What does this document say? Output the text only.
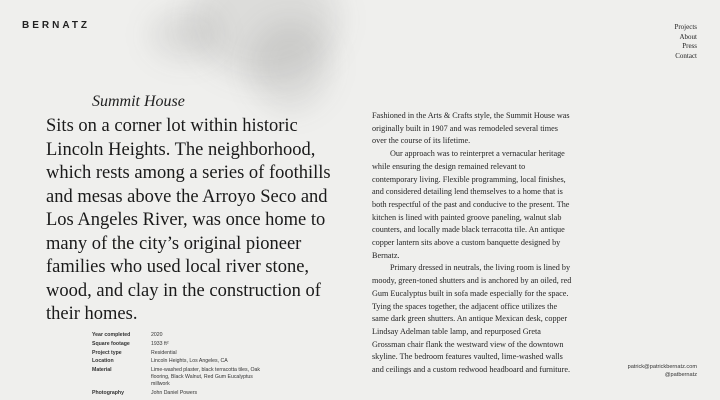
BERNATZ	Projects
About
Press
Contact
Summit House

Sits on a corner lot within historic Lincoln Heights. The neighborhood, which rests among a series of foothills and mesas above the Arroyo Seco and Los Angeles River, was once home to many of the city’s original pioneer families who used local river stone, wood, and clay in the construction of their homes.

Year completed	2020
Square footage	1933 ft²
Project type	Residential
Location	Lincoln Heights, Los Angeles, CA
Material	Lime-washed plaster, black terracotta tiles, Oak flooring, Black Walnut, Red Gum Eucalyptus millwork
Photography	John Daniel Powers

Fashioned in the Arts & Crafts style, the Summit House was originally built in 1907 and was remodeled several times over the course of its lifetime.

Our approach was to reinterpret a vernacular heritage while ensuring the design remained relevant to contemporary living. Flexible programming, local finishes, and considered detailing lend themselves to a home that is both respectful of the past and conducive to the present. The kitchen is lined with painted groove paneling, walnut slab counters, and locally made black terracotta tile. An antique copper lantern sits above a custom banquette designed by Bernatz.

Primary dressed in neutrals, the living room is lined by moody, green-toned shutters and is anchored by an oiled, red Gum Eucalyptus built in sofa made especially for the space. Tying the spaces together, the adjacent office utilizes the same dark green shutters. An antique Mexican desk, copper Lindsay Adelman table lamp, and repurposed Greta Grossman chair flank the westward view of the downtown skyline. The bedroom features vaulted, lime-washed walls and ceilings and a custom redwood headboard and furniture.	patrick@patrickbernatz.com
@patbernatz
